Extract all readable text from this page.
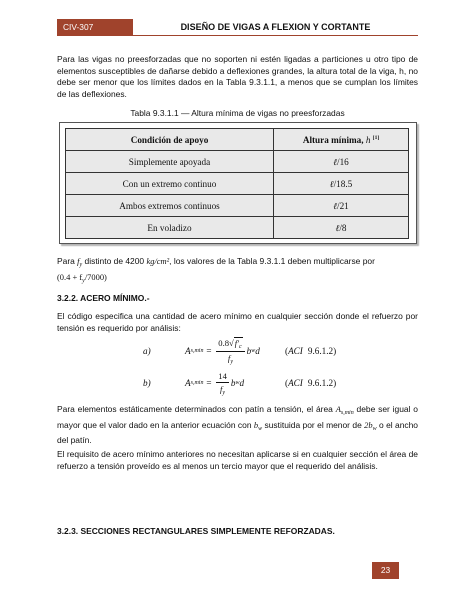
CIV-307	DISEÑO DE VIGAS A FLEXION Y CORTANTE
Para las vigas no preesforzadas que no soporten ni estén ligadas a particiones u otro tipo de elementos susceptibles de dañarse debido a deflexiones grandes, la altura total de la viga, h, no debe ser menor que los límites dados en la Tabla 9.3.1.1, a menos que se cumplan los límites de las deflexiones.
Tabla 9.3.1.1 — Altura mínima de vigas no preesforzadas
Condición de apoyo	Altura mínima, h [1]
Simplemente apoyada	ℓ/16
Con un extremo continuo	ℓ/18.5
Ambos extremos continuos	ℓ/21
En voladizo	ℓ/8
Para $f_y$ distinto de 4200 kg/cm², los valores de la Tabla 9.3.1.1 deben multiplicarse por
$(0.4 + f_y/7000)$
3.2.2. ACERO MÍNIMO.-
El código especifica una cantidad de acero mínimo en cualquier sección donde el refuerzo por tensión es requerido por análisis:
a)	A $s,\min = \frac{0.8√f'_c}{f_y}$ b w d	(ACI 9.6.1.2)
b)	A $s,\min = \frac{14}{f_y}$ b w d	(ACI 9.6.1.2)
Para elementos estáticamente determinados con patín a tensión, el área $A_{s,min}$ debe ser igual o mayor que el valor dado en la anterior ecuación con $b_w$ sustituida por el menor de $2b_w$ o el ancho del patín.
El requisito de acero mínimo anteriores no necesitan aplicarse si en cualquier sección el área de refuerzo a tensión proveído es al menos un tercio mayor que el requerido del análisis.
3.2.3. SECCIONES RECTANGULARES SIMPLEMENTE REFORZADAS.
23
